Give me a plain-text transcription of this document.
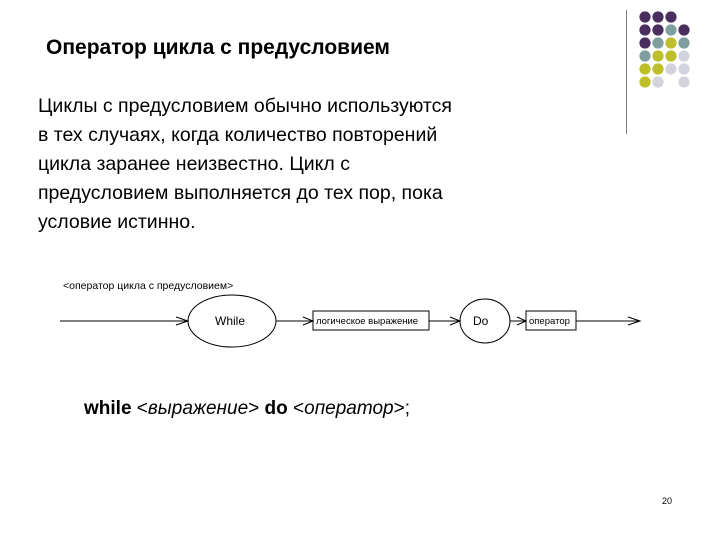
Оператор цикла с предусловием
Циклы с предусловием обычно используются
в тех случаях, когда количество повторений
цикла заранее неизвестно. Цикл с
предусловием выполняется до тех пор, пока
условие истинно.
<оператор цикла с предусловием>
While	логическое выражение	Do	оператор
while <выражение> do <оператор>;
20
